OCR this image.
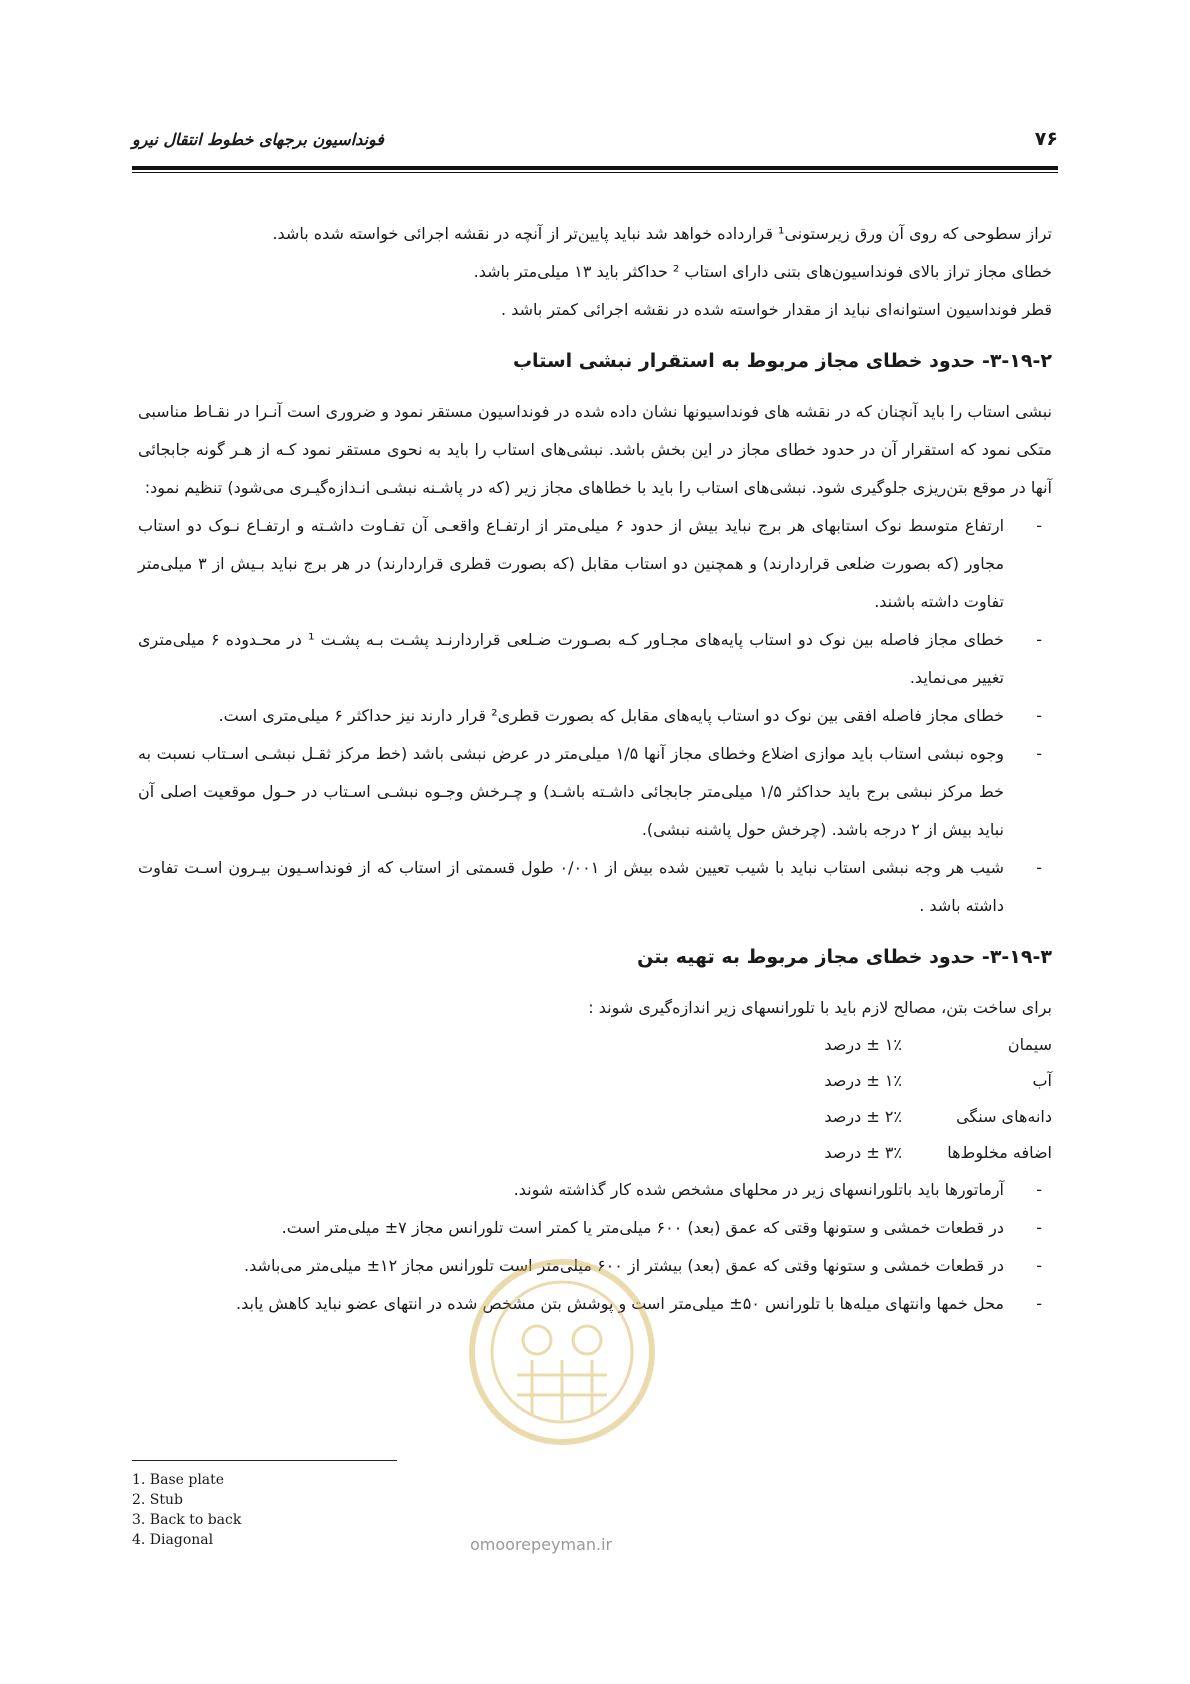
۷۶
فونداسیون برجهای خطوط انتقال نیرو

تراز سطوحی که روی آن ورق زیرستونی¹ قرارداده خواهد شد نباید پایین‌تر از آنچه در نقشه اجرائی خواسته شده باشد.

خطای مجاز تراز بالای فونداسیون‌های بتنی دارای استاب ² حداکثر باید ۱۳ میلی‌متر باشد.

قطر فونداسیون استوانه‌ای نباید از مقدار خواسته شده در نقشه اجرائی کمتر باشد .

۳-۱۹-۲- حدود خطای مجاز مربوط به استقرار نبشی استاب

نبشی استاب را باید آنچنان که در نقشه های فونداسیونها نشان داده شده در فونداسیون مستقر نمود و ضروری است آنـرا در نقـاط مناسبی متکی نمود که استقرار آن در حدود خطای مجاز در این بخش باشد. نبشی‌های استاب را باید به نحوی مستقر نمود کـه از هـر گونه جابجائی آنها در موقع بتن‌ریزی جلوگیری شود. نبشی‌های استاب را باید با خطاهای مجاز زیر (که در پاشـنه نبشـی انـدازه‌گیـری می‌شود) تنظیم نمود:

- ارتفاع متوسط نوک استابهای هر برج نباید بیش از حدود ۶ میلی‌متر از ارتفـاع واقعـی آن تفـاوت داشـته و ارتفـاع نـوک دو استاب مجاور (که بصورت ضلعی قراردارند) و همچنین دو استاب مقابل (که بصورت قطری قراردارند) در هر برج نباید بـیش از ۳ میلی‌متر تفاوت داشته باشند.
- خطای مجاز فاصله بین نوک دو استاب پایه‌های مجـاور کـه بصـورت ضـلعی قراردارنـد پشـت بـه پشـت ¹ در محـدوده ۶ میلی‌متری تغییر می‌نماید.
- خطای مجاز فاصله افقی بین نوک دو استاب پایه‌های مقابل که بصورت قطری² قرار دارند نیز حداکثر ۶ میلی‌متری است.
- وجوه نبشی استاب باید موازی اضلاع وخطای مجاز آنها ۱/۵ میلی‌متر در عرض نبشی باشد (خط مرکز ثقـل نبشـی اسـتاب نسبت به خط مرکز نبشی برج باید حداکثر ۱/۵ میلی‌متر جابجائی داشـته باشـد) و چـرخش وجـوه نبشـی اسـتاب در حـول موقعیت اصلی آن نباید بیش از ۲ درجه باشد. (چرخش حول پاشنه نبشی).
- شیب هر وجه نبشی استاب نباید با شیب تعیین شده بیش از ۰/۰۰۱ طول قسمتی از استاب که از فونداسـیون بیـرون اسـت تفاوت داشته باشد .
۳-۱۹-۳- حدود خطای مجاز مربوط به تهیه بتن

برای ساخت بتن، مصالح لازم باید با تلورانسهای زیر اندازه‌گیری شوند :

سیمان
۱٪ ± درصد
آب
۱٪ ± درصد
دانه‌های سنگی
۲٪ ± درصد
اضافه مخلوط‌ها
۳٪ ± درصد
- آرماتورها باید باتلورانسهای زیر در محلهای مشخص شده کار گذاشته شوند.
- در قطعات خمشی و ستونها وقتی که عمق (بعد) ۶۰۰ میلی‌متر یا کمتر است تلورانس مجاز ۷± میلی‌متر است.
- در قطعات خمشی و ستونها وقتی که عمق (بعد) بیشتر از ۶۰۰ میلی‌متر است تلورانس مجاز ۱۲± میلی‌متر می‌باشد.
- محل خمها وانتهای میله‌ها با تلورانس ۵۰± میلی‌متر است و پوشش بتن مشخص شده در انتهای عضو نباید کاهش یابد.
omoorepeyman.ir
1. Base plate
2. Stub
3. Back to back
4. Diagonal
